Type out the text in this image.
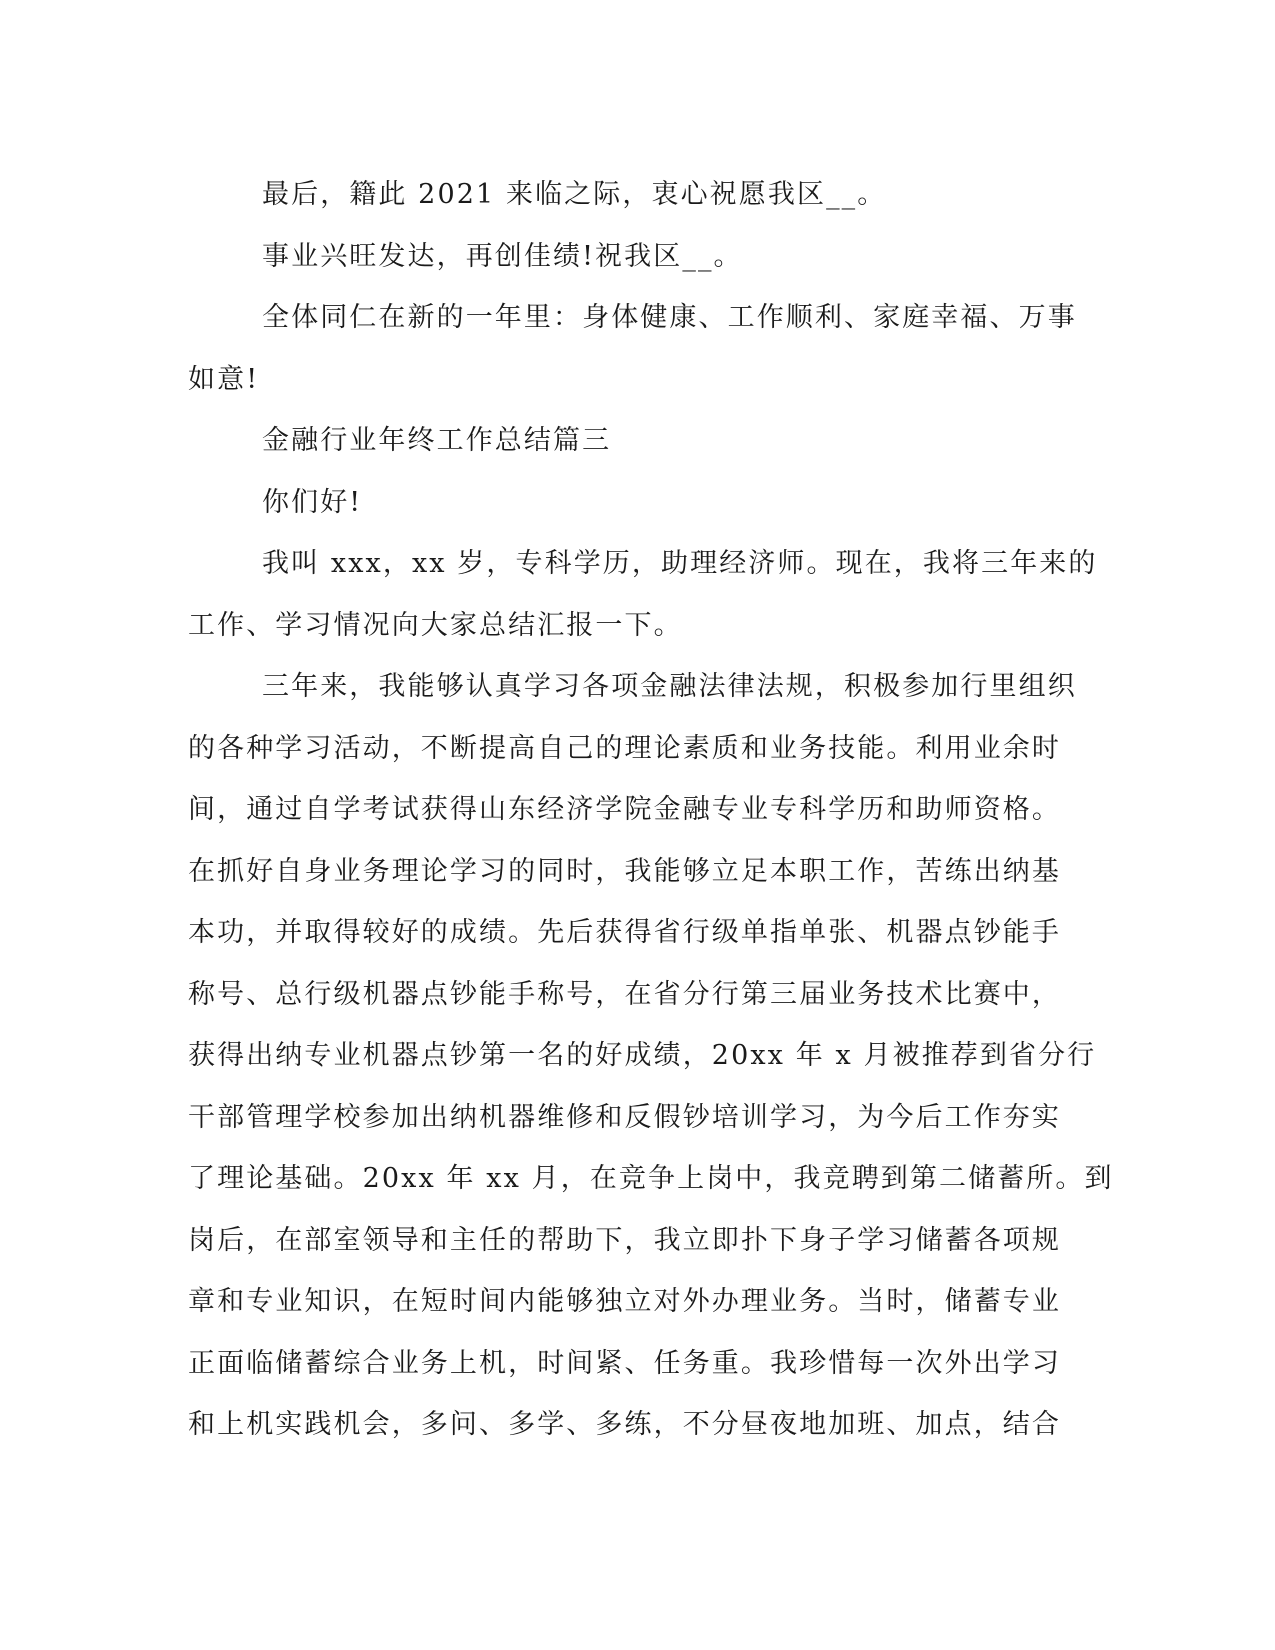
最后，籍此 2021 来临之际，衷心祝愿我区__。
事业兴旺发达，再创佳绩!祝我区__。
全体同仁在新的一年里：身体健康、工作顺利、家庭幸福、万事
如意!
金融行业年终工作总结篇三
你们好!
我叫 xxx，xx 岁，专科学历，助理经济师。现在，我将三年来的
工作、学习情况向大家总结汇报一下。
三年来，我能够认真学习各项金融法律法规，积极参加行里组织
的各种学习活动，不断提高自己的理论素质和业务技能。利用业余时
间，通过自学考试获得山东经济学院金融专业专科学历和助师资格。
在抓好自身业务理论学习的同时，我能够立足本职工作，苦练出纳基
本功，并取得较好的成绩。先后获得省行级单指单张、机器点钞能手
称号、总行级机器点钞能手称号，在省分行第三届业务技术比赛中，
获得出纳专业机器点钞第一名的好成绩，20xx 年 x 月被推荐到省分行
干部管理学校参加出纳机器维修和反假钞培训学习，为今后工作夯实
了理论基础。20xx 年 xx 月，在竞争上岗中，我竞聘到第二储蓄所。到
岗后，在部室领导和主任的帮助下，我立即扑下身子学习储蓄各项规
章和专业知识，在短时间内能够独立对外办理业务。当时，储蓄专业
正面临储蓄综合业务上机，时间紧、任务重。我珍惜每一次外出学习
和上机实践机会，多问、多学、多练，不分昼夜地加班、加点，结合
